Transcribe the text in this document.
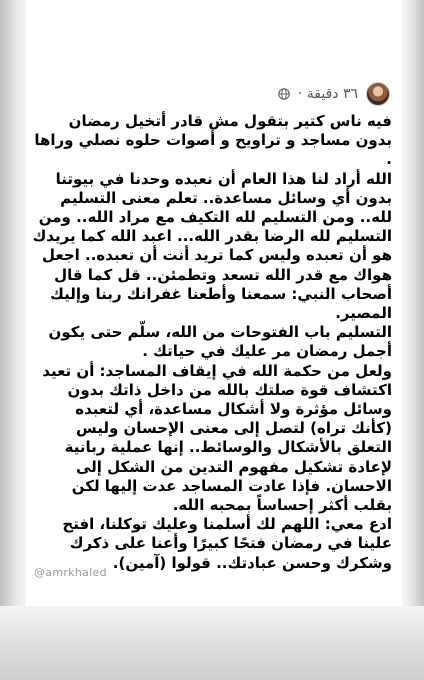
٣٦ دقيقة ·

فيه ناس كتير بتقول مش قادر أتخيل رمضان بدون مساجد و تراويح و أصوات حلوه نصلي وراها .

الله أراد لنا هذا العام أن نعبده وحدنا في بيوتنا بدون أي وسائل مساعدة.. تعلم معنى التسليم لله.. ومن التسليم لله التكيف مع مراد الله.. ومن التسليم لله الرضا بقدر الله... اعبد الله كما يريدك هو أن تعبده وليس كما تريد أنت أن تعبده.. اجعل هواك مع قدر الله تسعد وتطمئن.. قل كما قال أصحاب النبي: سمعنا وأطعنا غفرانك ربنا وإليك المصير.

التسليم باب الفتوحات من الله، سلّم حتى يكون أجمل رمضان مر عليك في حياتك .

ولعل من حكمة الله في إيقاف المساجد: أن تعيد اكتشاف قوة صلتك بالله من داخل ذاتك بدون وسائل مؤثرة ولا أشكال مساعدة، أي لتعبده (كأنك تراه) لتصل إلى معنى الإحسان وليس التعلق بالأشكال والوسائط.. إنها عملية ربانية لإعادة تشكيل مفهوم التدين من الشكل إلى الاحسان. فإذا عادت المساجد عدت إليها لكن بقلب أكثر إحساساً بمحبه الله.

ادع معي: اللهم لك أسلمنا وعليك توكلنا، افتح علينا في رمضان فتحًا كبيرًا وأعنا على ذكرك وشكرك وحسن عبادتك.. قولوا (آمين).

@amrkhaled
